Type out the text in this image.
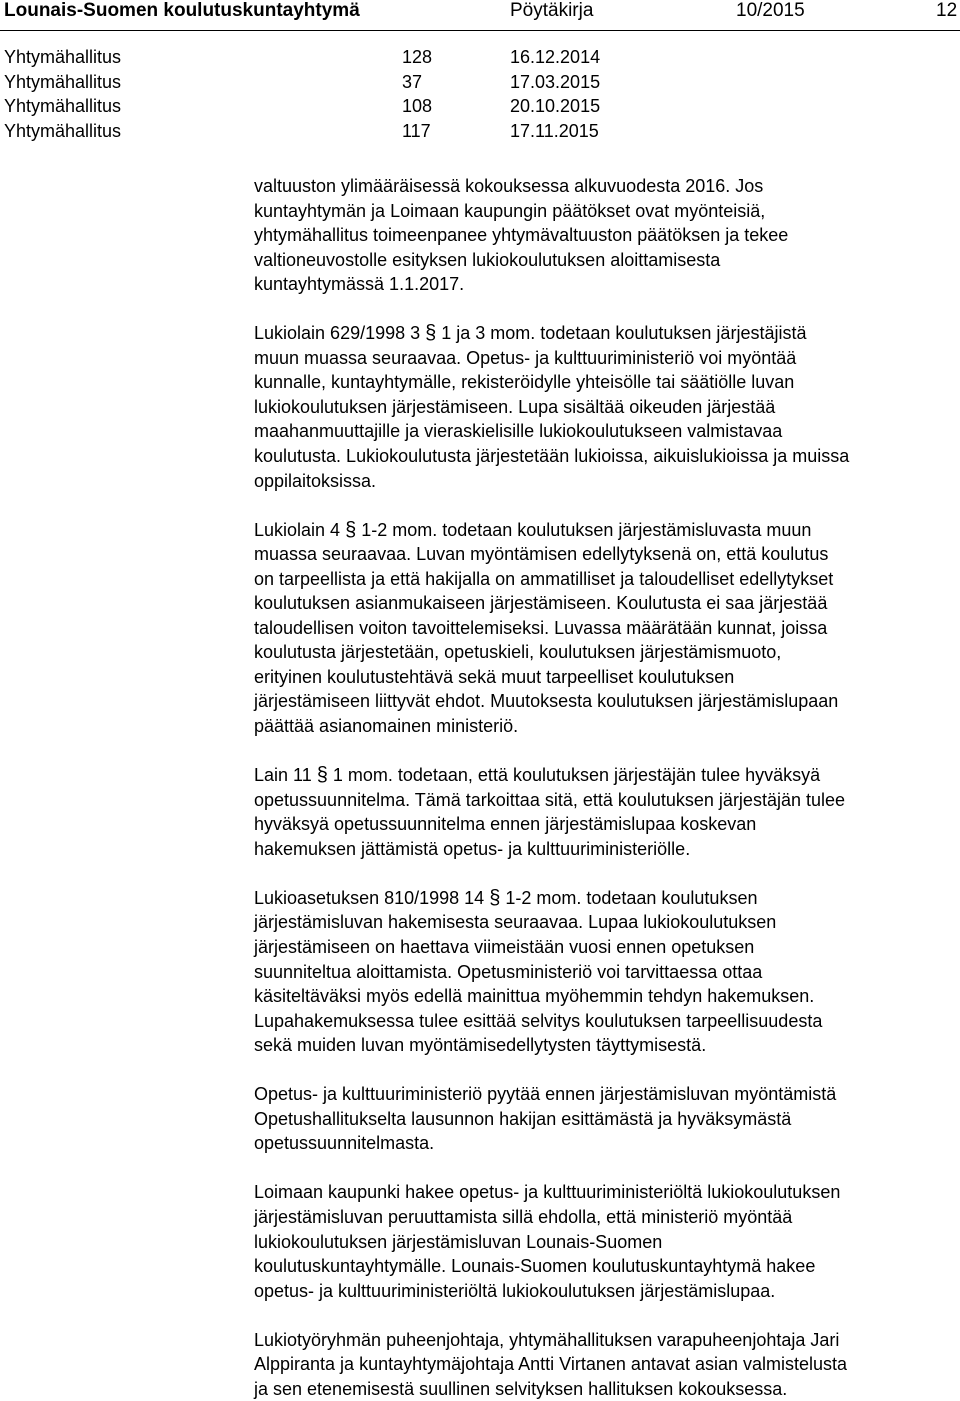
Lounais-Suomen koulutuskuntayhtymä	Pöytäkirja	10/2015	12
Yhtymähallitus	128	16.12.2014
Yhtymähallitus	37	17.03.2015
Yhtymähallitus	108	20.10.2015
Yhtymähallitus	117	17.11.2015

valtuuston ylimääräisessä kokouksessa alkuvuodesta 2016. Jos
kuntayhtymän ja Loimaan kaupungin päätökset ovat myönteisiä,
yhtymähallitus toimeenpanee yhtymävaltuuston päätöksen ja tekee
valtioneuvostolle esityksen lukiokoulutuksen aloittamisesta
kuntayhtymässä 1.1.2017.

Lukiolain 629/1998 3 § 1 ja 3 mom. todetaan koulutuksen järjestäjistä
muun muassa seuraavaa. Opetus- ja kulttuuriministeriö voi myöntää
kunnalle, kuntayhtymälle, rekisteröidylle yhteisölle tai säätiölle luvan
lukiokoulutuksen järjestämiseen. Lupa sisältää oikeuden järjestää
maahanmuuttajille ja vieraskielisille lukiokoulutukseen valmistavaa
koulutusta. Lukiokoulutusta järjestetään lukioissa, aikuislukioissa ja muissa
oppilaitoksissa.

Lukiolain 4 § 1-2 mom. todetaan koulutuksen järjestämisluvasta muun
muassa seuraavaa. Luvan myöntämisen edellytyksenä on, että koulutus
on tarpeellista ja että hakijalla on ammatilliset ja taloudelliset edellytykset
koulutuksen asianmukaiseen järjestämiseen. Koulutusta ei saa järjestää
taloudellisen voiton tavoittelemiseksi. Luvassa määrätään kunnat, joissa
koulutusta järjestetään, opetuskieli, koulutuksen järjestämismuoto,
erityinen koulutustehtävä sekä muut tarpeelliset koulutuksen
järjestämiseen liittyvät ehdot. Muutoksesta koulutuksen järjestämislupaan
päättää asianomainen ministeriö.

Lain 11 § 1 mom. todetaan, että koulutuksen järjestäjän tulee hyväksyä
opetussuunnitelma. Tämä tarkoittaa sitä, että koulutuksen järjestäjän tulee
hyväksyä opetussuunnitelma ennen järjestämislupaa koskevan
hakemuksen jättämistä opetus- ja kulttuuriministeriölle.

Lukioasetuksen 810/1998 14 § 1-2 mom. todetaan koulutuksen
järjestämisluvan hakemisesta seuraavaa. Lupaa lukiokoulutuksen
järjestämiseen on haettava viimeistään vuosi ennen opetuksen
suunniteltua aloittamista. Opetusministeriö voi tarvittaessa ottaa
käsiteltäväksi myös edellä mainittua myöhemmin tehdyn hakemuksen.
Lupahakemuksessa tulee esittää selvitys koulutuksen tarpeellisuudesta
sekä muiden luvan myöntämisedellytysten täyttymisestä.

Opetus- ja kulttuuriministeriö pyytää ennen järjestämisluvan myöntämistä
Opetushallitukselta lausunnon hakijan esittämästä ja hyväksymästä
opetussuunnitelmasta.

Loimaan kaupunki hakee opetus- ja kulttuuriministeriöltä lukiokoulutuksen
järjestämisluvan peruuttamista sillä ehdolla, että ministeriö myöntää
lukiokoulutuksen järjestämisluvan Lounais-Suomen
koulutuskuntayhtymälle. Lounais-Suomen koulutuskuntayhtymä hakee
opetus- ja kulttuuriministeriöltä lukiokoulutuksen järjestämislupaa.

Lukiotyöryhmän puheenjohtaja, yhtymähallituksen varapuheenjohtaja Jari
Alppiranta ja kuntayhtymäjohtaja Antti Virtanen antavat asian valmistelusta
ja sen etenemisestä suullinen selvityksen hallituksen kokouksessa.
